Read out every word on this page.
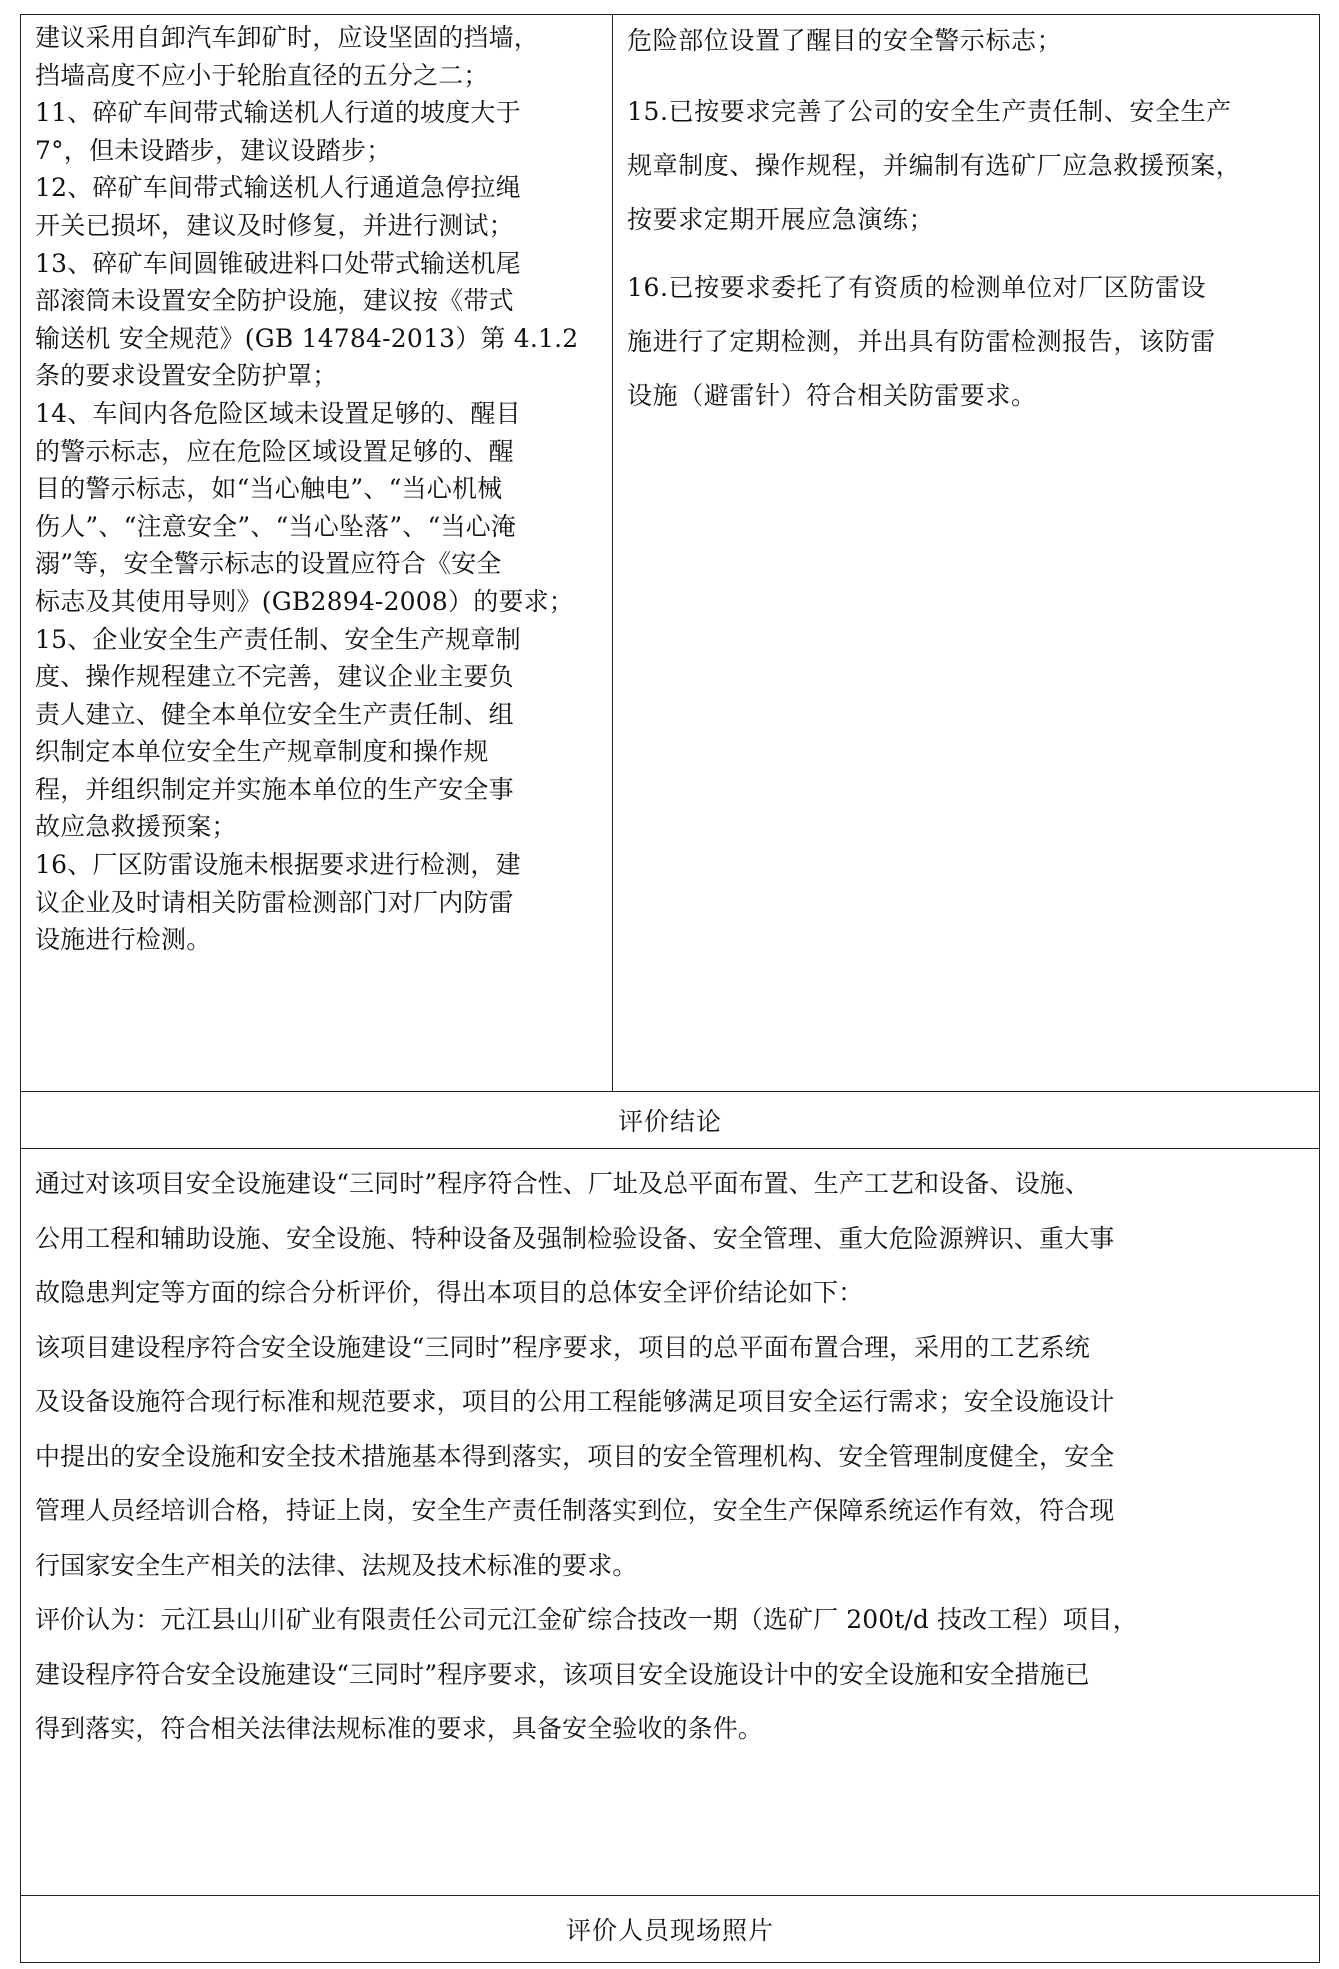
建议采用自卸汽车卸矿时，应设坚固的挡墙，
挡墙高度不应小于轮胎直径的五分之二；
11、碎矿车间带式输送机人行道的坡度大于
7°，但未设踏步，建议设踏步；
12、碎矿车间带式输送机人行通道急停拉绳
开关已损坏，建议及时修复，并进行测试；
13、碎矿车间圆锥破进料口处带式输送机尾
部滚筒未设置安全防护设施，建议按《带式
输送机 安全规范》(GB 14784-2013）第 4.1.2
条的要求设置安全防护罩；
14、车间内各危险区域未设置足够的、醒目
的警示标志，应在危险区域设置足够的、醒
目的警示标志，如“当心触电”、“当心机械
伤人”、“注意安全”、“当心坠落”、“当心淹
溺”等，安全警示标志的设置应符合《安全
标志及其使用导则》(GB2894-2008）的要求；
15、企业安全生产责任制、安全生产规章制
度、操作规程建立不完善，建议企业主要负
责人建立、健全本单位安全生产责任制、组
织制定本单位安全生产规章制度和操作规
程，并组织制定并实施本单位的生产安全事
故应急救援预案；
16、厂区防雷设施未根据要求进行检测，建
议企业及时请相关防雷检测部门对厂内防雷
设施进行检测。

危险部位设置了醒目的安全警示标志；
15.已按要求完善了公司的安全生产责任制、安全生产
规章制度、操作规程，并编制有选矿厂应急救援预案，
按要求定期开展应急演练；
16.已按要求委托了有资质的检测单位对厂区防雷设
施进行了定期检测，并出具有防雷检测报告，该防雷
设施（避雷针）符合相关防雷要求。

评价结论

通过对该项目安全设施建设“三同时”程序符合性、厂址及总平面布置、生产工艺和设备、设施、
公用工程和辅助设施、安全设施、特种设备及强制检验设备、安全管理、重大危险源辨识、重大事
故隐患判定等方面的综合分析评价，得出本项目的总体安全评价结论如下：
该项目建设程序符合安全设施建设“三同时”程序要求，项目的总平面布置合理，采用的工艺系统
及设备设施符合现行标准和规范要求，项目的公用工程能够满足项目安全运行需求；安全设施设计
中提出的安全设施和安全技术措施基本得到落实，项目的安全管理机构、安全管理制度健全，安全
管理人员经培训合格，持证上岗，安全生产责任制落实到位，安全生产保障系统运作有效，符合现
行国家安全生产相关的法律、法规及技术标准的要求。
评价认为：元江县山川矿业有限责任公司元江金矿综合技改一期（选矿厂 200t/d 技改工程）项目，
建设程序符合安全设施建设“三同时”程序要求，该项目安全设施设计中的安全设施和安全措施已
得到落实，符合相关法律法规标准的要求，具备安全验收的条件。

评价人员现场照片
